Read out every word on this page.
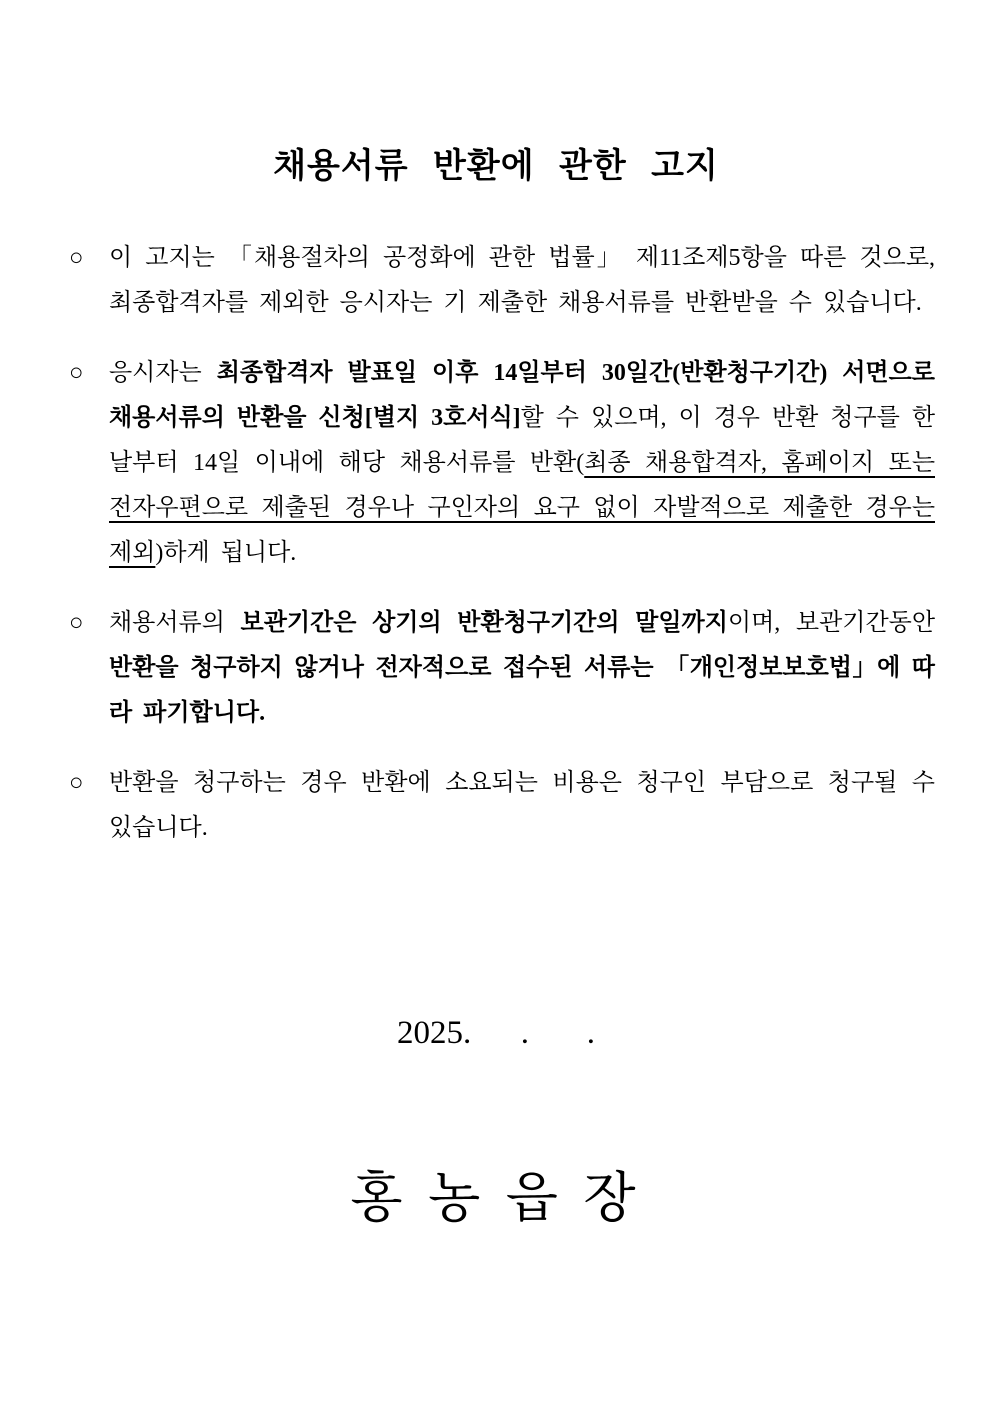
채용서류 반환에 관한 고지
○ 이 고지는 「채용절차의 공정화에 관한 법률」 제11조제5항을 따른 것으로, 최종합격자를 제외한 응시자는 기 제출한 채용서류를 반환받을 수 있습니다.

○ 응시자는 최종합격자 발표일 이후 14일부터 30일간(반환청구기간) 서면으로 채용서류의 반환을 신청[별지 3호서식]할 수 있으며, 이 경우 반환 청구를 한 날부터 14일 이내에 해당 채용서류를 반환(최종 채용합격자, 홈페이지 또는 전자우편으로 제출된 경우나 구인자의 요구 없이 자발적으로 제출한 경우는 제외)하게 됩니다.

○ 채용서류의 보관기간은 상기의 반환청구기간의 말일까지이며, 보관기간동안 반환을 청구하지 않거나 전자적으로 접수된 서류는 「개인정보보호법」에 따라 파기합니다.

○ 반환을 청구하는 경우 반환에 소요되는 비용은 청구인 부담으로 청구될 수 있습니다.

2025.      .       .
홍 농 읍 장
